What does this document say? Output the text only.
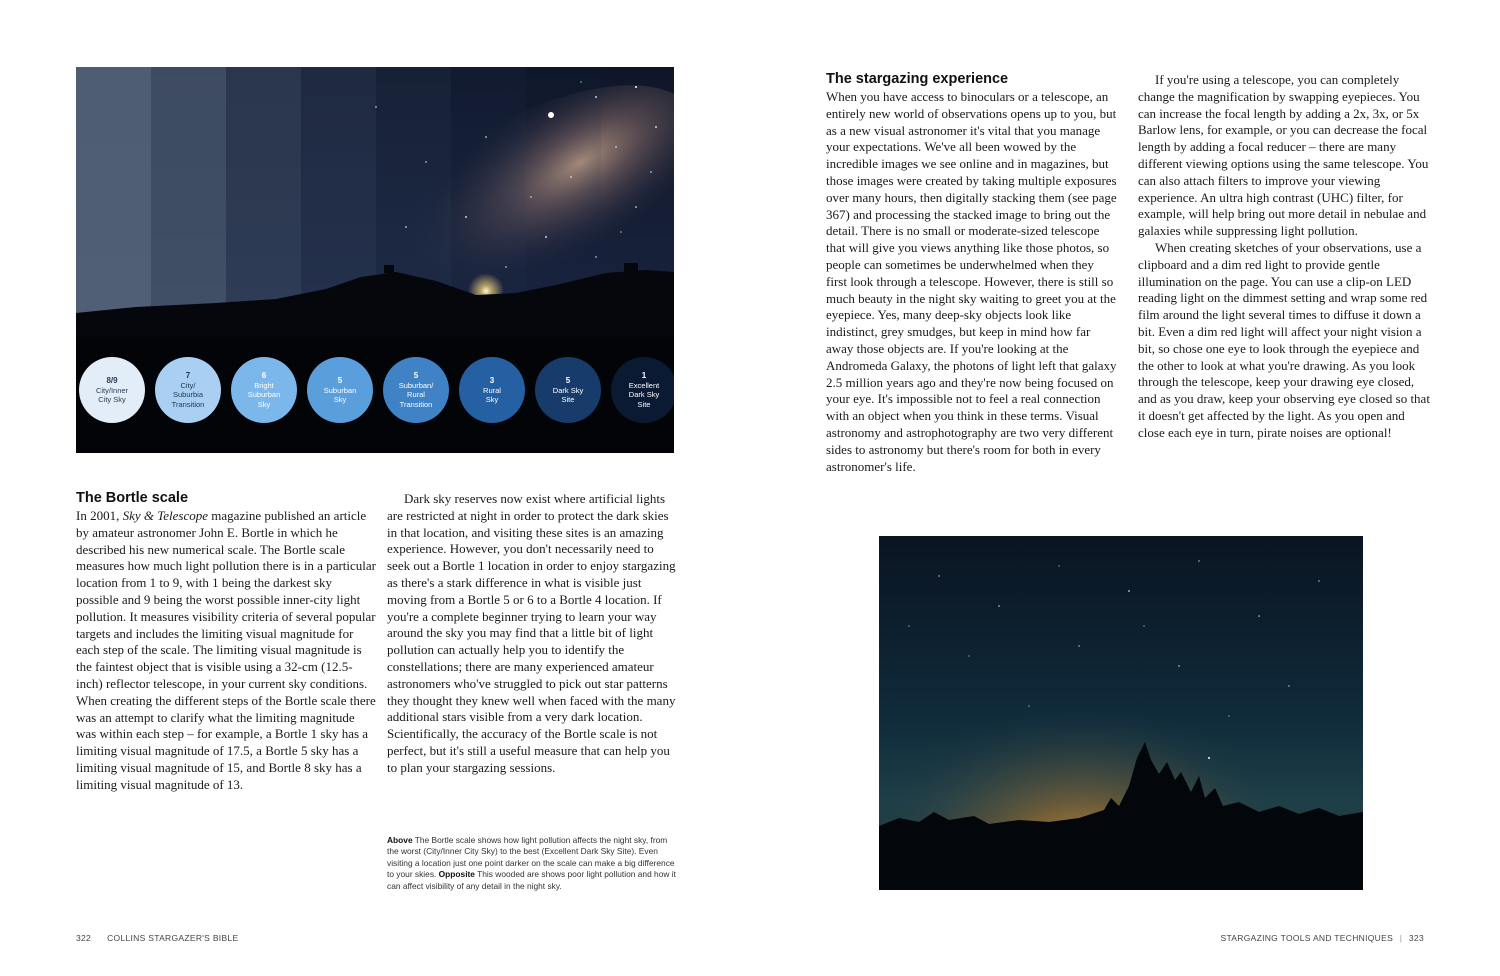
8/9
City/Inner
City Sky
7
City/
Suburbia
Transition
6
Bright
Suburban
Sky
5
Suburban
Sky
5
Suburban/
Rural
Transition
3
Rural
Sky
5
Dark Sky
Site
1
Excellent
Dark Sky
Site
The Bortle scale

In 2001, Sky & Telescope magazine published an article by amateur astronomer John E. Bortle in which he described his new numerical scale. The Bortle scale measures how much light pollution there is in a particular location from 1 to 9, with 1 being the darkest sky possible and 9 being the worst possible inner-city light pollution. It measures visibility criteria of several popular targets and includes the limiting visual magnitude for each step of the scale. The limiting visual magnitude is the faintest object that is visible using a 32-cm (12.5-inch) reflector telescope, in your current sky conditions. When creating the different steps of the Bortle scale there was an attempt to clarify what the limiting magnitude was within each step – for example, a Bortle 1 sky has a limiting visual magnitude of 17.5, a Bortle 5 sky has a limiting visual magnitude of 15, and Bortle 8 sky has a limiting visual magnitude of 13.

Dark sky reserves now exist where artificial lights are restricted at night in order to protect the dark skies in that location, and visiting these sites is an amazing experience. However, you don't necessarily need to seek out a Bortle 1 location in order to enjoy stargazing as there's a stark difference in what is visible just moving from a Bortle 5 or 6 to a Bortle 4 location. If you're a complete beginner trying to learn your way around the sky you may find that a little bit of light pollution can actually help you to identify the constellations; there are many experienced amateur astronomers who've struggled to pick out star patterns they thought they knew well when faced with the many additional stars visible from a very dark location. Scientifically, the accuracy of the Bortle scale is not perfect, but it's still a useful measure that can help you to plan your stargazing sessions.

Above The Bortle scale shows how light pollution affects the night sky, from the worst (City/Inner City Sky) to the best (Excellent Dark Sky Site). Even visiting a location just one point darker on the scale can make a big difference to your skies. Opposite This wooded are shows poor light pollution and how it can affect visibility of any detail in the night sky.
The stargazing experience

When you have access to binoculars or a telescope, an entirely new world of observations opens up to you, but as a new visual astronomer it's vital that you manage your expectations. We've all been wowed by the incredible images we see online and in magazines, but those images were created by taking multiple exposures over many hours, then digitally stacking them (see page 367) and processing the stacked image to bring out the detail. There is no small or moderate-sized telescope that will give you views anything like those photos, so people can sometimes be underwhelmed when they first look through a telescope. However, there is still so much beauty in the night sky waiting to greet you at the eyepiece. Yes, many deep-sky objects look like indistinct, grey smudges, but keep in mind how far away those objects are. If you're looking at the Andromeda Galaxy, the photons of light left that galaxy 2.5 million years ago and they're now being focused on your eye. It's impossible not to feel a real connection with an object when you think in these terms. Visual astronomy and astrophotography are two very different sides to astronomy but there's room for both in every astronomer's life.

If you're using a telescope, you can completely change the magnification by swapping eyepieces. You can increase the focal length by adding a 2x, 3x, or 5x Barlow lens, for example, or you can decrease the focal length by adding a focal reducer – there are many different viewing options using the same telescope. You can also attach filters to improve your viewing experience. An ultra high contrast (UHC) filter, for example, will help bring out more detail in nebulae and galaxies while suppressing light pollution.

When creating sketches of your observations, use a clipboard and a dim red light to provide gentle illumination on the page. You can use a clip-on LED reading light on the dimmest setting and wrap some red film around the light several times to diffuse it down a bit. Even a dim red light will affect your night vision a bit, so chose one eye to look through the eyepiece and the other to look at what you're drawing. As you look through the telescope, keep your drawing eye closed, and as you draw, keep your observing eye closed so that it doesn't get affected by the light. As you open and close each eye in turn, pirate noises are optional!

322 COLLINS STARGAZER'S BIBLE	STARGAZING TOOLS AND TECHNIQUES | 323
